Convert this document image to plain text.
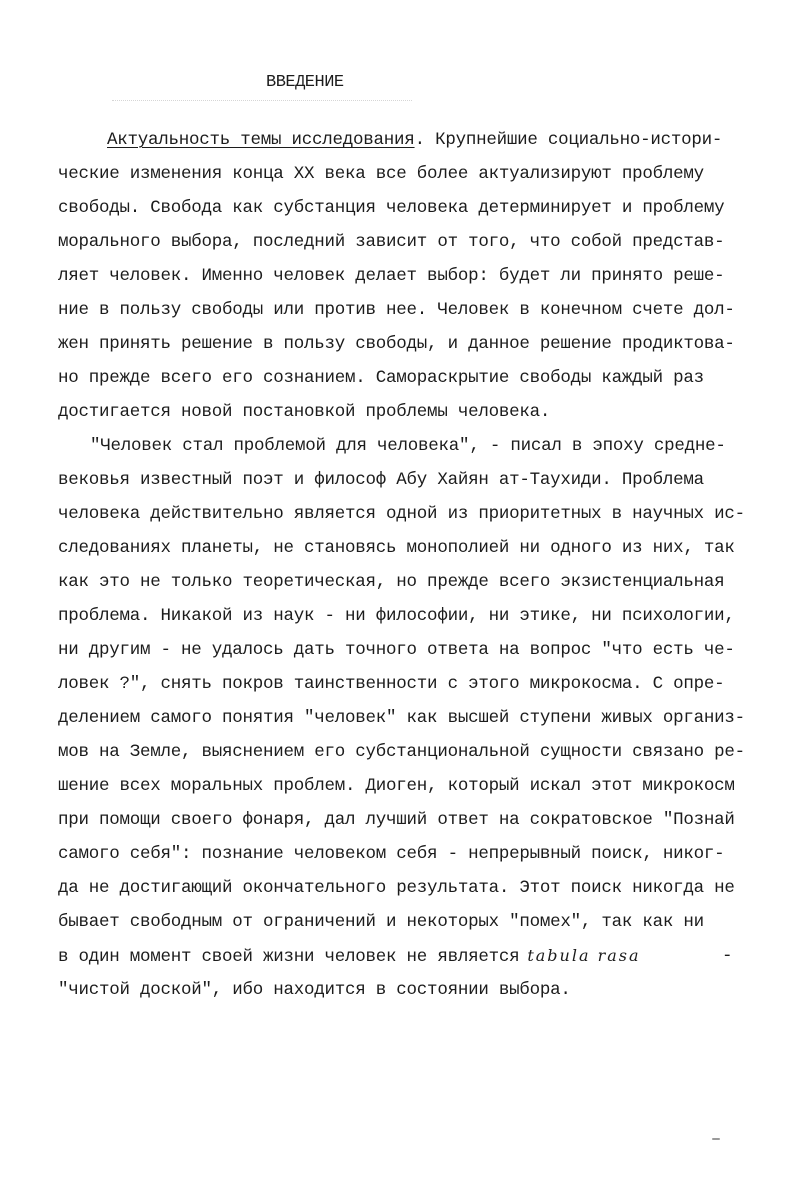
ВВЕДЕНИЕ
Актуальность темы исследования. Крупнейшие социально-истори-
ческие изменения конца XX века все более актуализируют проблему
свободы. Свобода как субстанция человека детерминирует и проблему
морального выбора, последний зависит от того, что собой представ-
ляет человек. Именно человек делает выбор: будет ли принято реше-
ние в пользу свободы или против нее. Человек в конечном счете дол-
жен принять решение в пользу свободы, и данное решение продиктова-
но прежде всего его сознанием. Самораскрытие свободы каждый раз
достигается новой постановкой проблемы человека.
"Человек стал проблемой для человека", - писал в эпоху средне-
вековья известный поэт и философ Абу Хайян ат-Таухиди. Проблема
человека действительно является одной из приоритетных в научных ис-
следованиях планеты, не становясь монополией ни одного из них, так
как это не только теоретическая, но прежде всего экзистенциальная
проблема. Никакой из наук - ни философии, ни этике, ни психологии,
ни другим - не удалось дать точного ответа на вопрос "что есть че-
ловек ?", снять покров таинственности с этого микрокосма. С опре-
делением самого понятия "человек" как высшей ступени живых организ-
мов на Земле, выяснением его субстанциональной сущности связано ре-
шение всех моральных проблем. Диоген, который искал этот микрокосм
при помощи своего фонаря, дал лучший ответ на сократовское "Познай
самого себя": познание человеком себя - непрерывный поиск, никог-
да не достигающий окончательного результата. Этот поиск никогда не
бывает свободным от ограничений и некоторых "помех", так как ни
в один момент своей жизни человек не является tabula rasa	-
"чистой доской", ибо находится в состоянии выбора.
